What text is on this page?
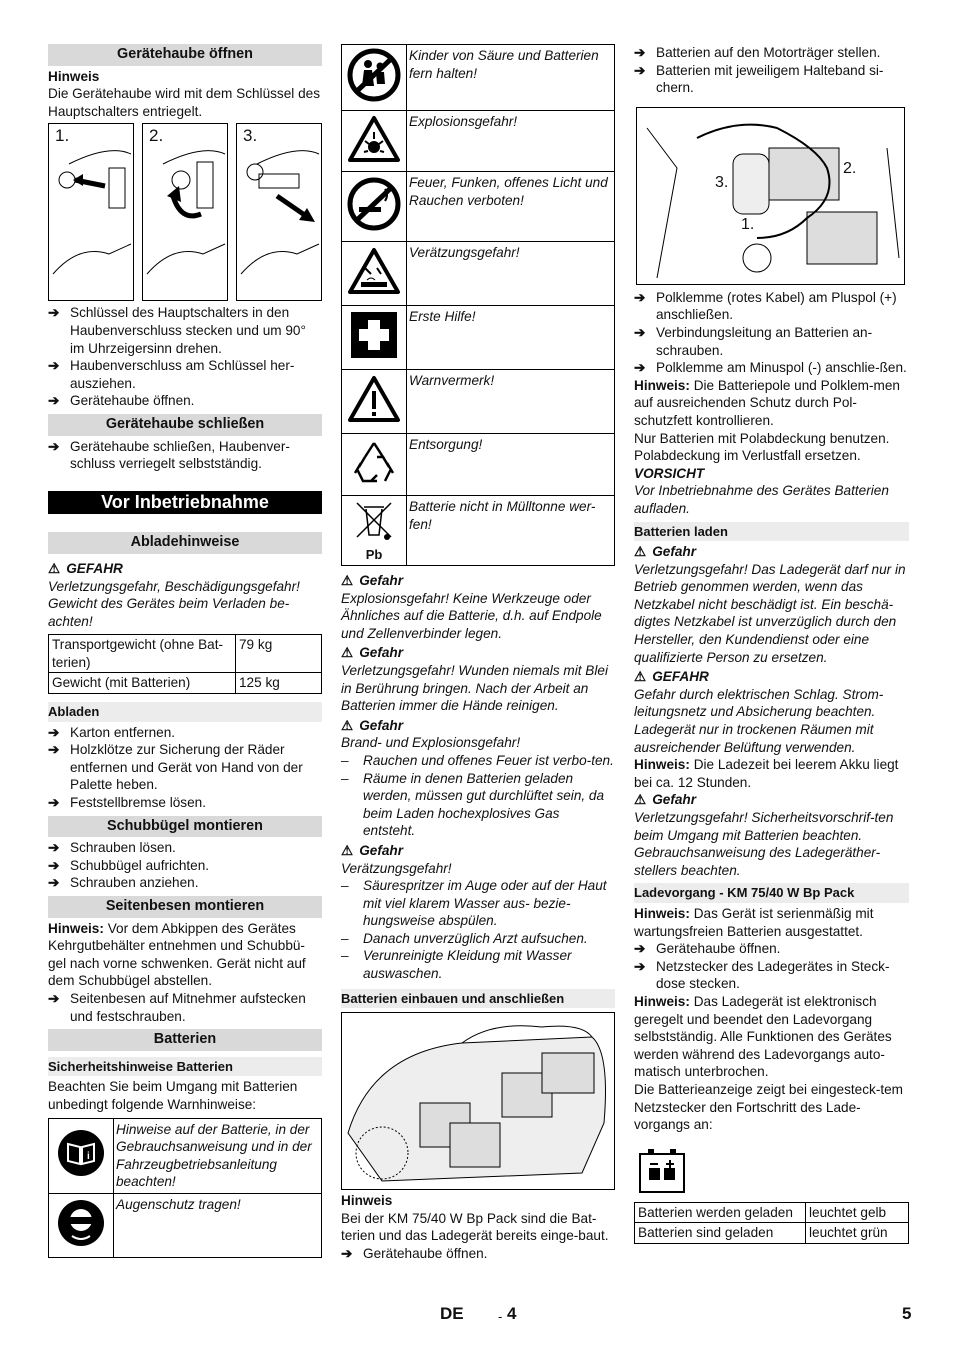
Gerätehaube öffnen
Hinweis
Die Gerätehaube wird mit dem Schlüssel des Hauptschalters entriegelt.
1.	2.	3.
➔ Schlüssel des Hauptschalters in den Haubenverschluss stecken und um 90° im Uhrzeigersinn drehen.
➔ Haubenverschluss am Schlüssel her-ausziehen.
➔ Gerätehaube öffnen.
Gerätehaube schließen
➔ Gerätehaube schließen, Haubenver-schluss verriegelt selbstständig.
Vor Inbetriebnahme
Abladehinweise
⚠ GEFAHR
Verletzungsgefahr, Beschädigungsgefahr! Gewicht des Gerätes beim Verladen be-achten!
Transportgewicht (ohne Bat-terien)	79 kg
Gewicht (mit Batterien)	125 kg
Abladen
➔ Karton entfernen.
➔ Holzklötze zur Sicherung der Räder entfernen und Gerät von Hand von der Palette heben.
➔ Feststellbremse lösen.
Schubbügel montieren
➔ Schrauben lösen.
➔ Schubbügel aufrichten.
➔ Schrauben anziehen.
Seitenbesen montieren
Hinweis: Vor dem Abkippen des Gerätes Kehrgutbehälter entnehmen und Schubbü-gel nach vorne schwenken. Gerät nicht auf dem Schubbügel abstellen.
➔ Seitenbesen auf Mitnehmer aufstecken und festschrauben.
Batterien
Sicherheitshinweise Batterien
Beachten Sie beim Umgang mit Batterien unbedingt folgende Warnhinweise:
i	Hinweise auf der Batterie, in der Gebrauchsanweisung und in der Fahrzeugbetriebsanleitung beachten!
	Augenschutz tragen!
	Kinder von Säure und Batterien fern halten!
	Explosionsgefahr!
	Feuer, Funken, offenes Licht und Rauchen verboten!
	Verätzungsgefahr!
	Erste Hilfe!
	Warnvermerk!
	Entsorgung!

Pb	Batterie nicht in Mülltonne wer-fen!
⚠ Gefahr
Explosionsgefahr! Keine Werkzeuge oder Ähnliches auf die Batterie, d.h. auf Endpole und Zellenverbinder legen.
⚠ Gefahr
Verletzungsgefahr! Wunden niemals mit Blei in Berührung bringen. Nach der Arbeit an Batterien immer die Hände reinigen.
⚠ Gefahr
Brand- und Explosionsgefahr!
–	Rauchen und offenes Feuer ist verbo-ten.
–	Räume in denen Batterien geladen werden, müssen gut durchlüftet sein, da beim Laden hochexplosives Gas entsteht.
⚠ Gefahr
Verätzungsgefahr!
–	Säurespritzer im Auge oder auf der Haut mit viel klarem Wasser aus- bezie-hungsweise abspülen.
–	Danach unverzüglich Arzt aufsuchen.
–	Verunreinigte Kleidung mit Wasser auswaschen.
Batterien einbauen und anschließen
Hinweis
Bei der KM 75/40 W Bp Pack sind die Bat-terien und das Ladegerät bereits einge-baut.
➔ Gerätehaube öffnen.
➔ Batterien auf den Motorträger stellen.
➔ Batterien mit jeweiligem Halteband si-chern.
1.
2.
3.
➔ Polklemme (rotes Kabel) am Pluspol (+) anschließen.
➔ Verbindungsleitung an Batterien an-schrauben.
➔ Polklemme am Minuspol (-) anschlie-ßen.
Hinweis: Die Batteriepole und Polklem-men auf ausreichenden Schutz durch Pol-schutzfett kontrollieren.
Nur Batterien mit Polabdeckung benutzen. Polabdeckung im Verlustfall ersetzen.
VORSICHT
Vor Inbetriebnahme des Gerätes Batterien aufladen.
Batterien laden
⚠ Gefahr
Verletzungsgefahr! Das Ladegerät darf nur in Betrieb genommen werden, wenn das Netzkabel nicht beschädigt ist. Ein beschä-digtes Netzkabel ist unverzüglich durch den Hersteller, den Kundendienst oder eine qualifizierte Person zu ersetzen.
⚠ GEFAHR
Gefahr durch elektrischen Schlag. Strom-leitungsnetz und Absicherung beachten. Ladegerät nur in trockenen Räumen mit ausreichender Belüftung verwenden.
Hinweis: Die Ladezeit bei leerem Akku liegt bei ca. 12 Stunden.
⚠ Gefahr
Verletzungsgefahr! Sicherheitsvorschrif-ten beim Umgang mit Batterien beachten. Gebrauchsanweisung des Ladegeräther-stellers beachten.
Ladevorgang - KM 75/40 W Bp Pack
Hinweis: Das Gerät ist serienmäßig mit wartungsfreien Batterien ausgestattet.
➔ Gerätehaube öffnen.
➔ Netzstecker des Ladegerätes in Steck-dose stecken.
Hinweis: Das Ladegerät ist elektronisch geregelt und beendet den Ladevorgang selbstständig. Alle Funktionen des Gerätes werden während des Ladevorgangs auto-matisch unterbrochen.
Die Batterieanzeige zeigt bei eingesteck-tem Netzstecker den Fortschritt des Lade-vorgangs an:
Batterien werden geladen	leuchtet gelb
Batterien sind geladen	leuchtet grün
DE	- 4	5
